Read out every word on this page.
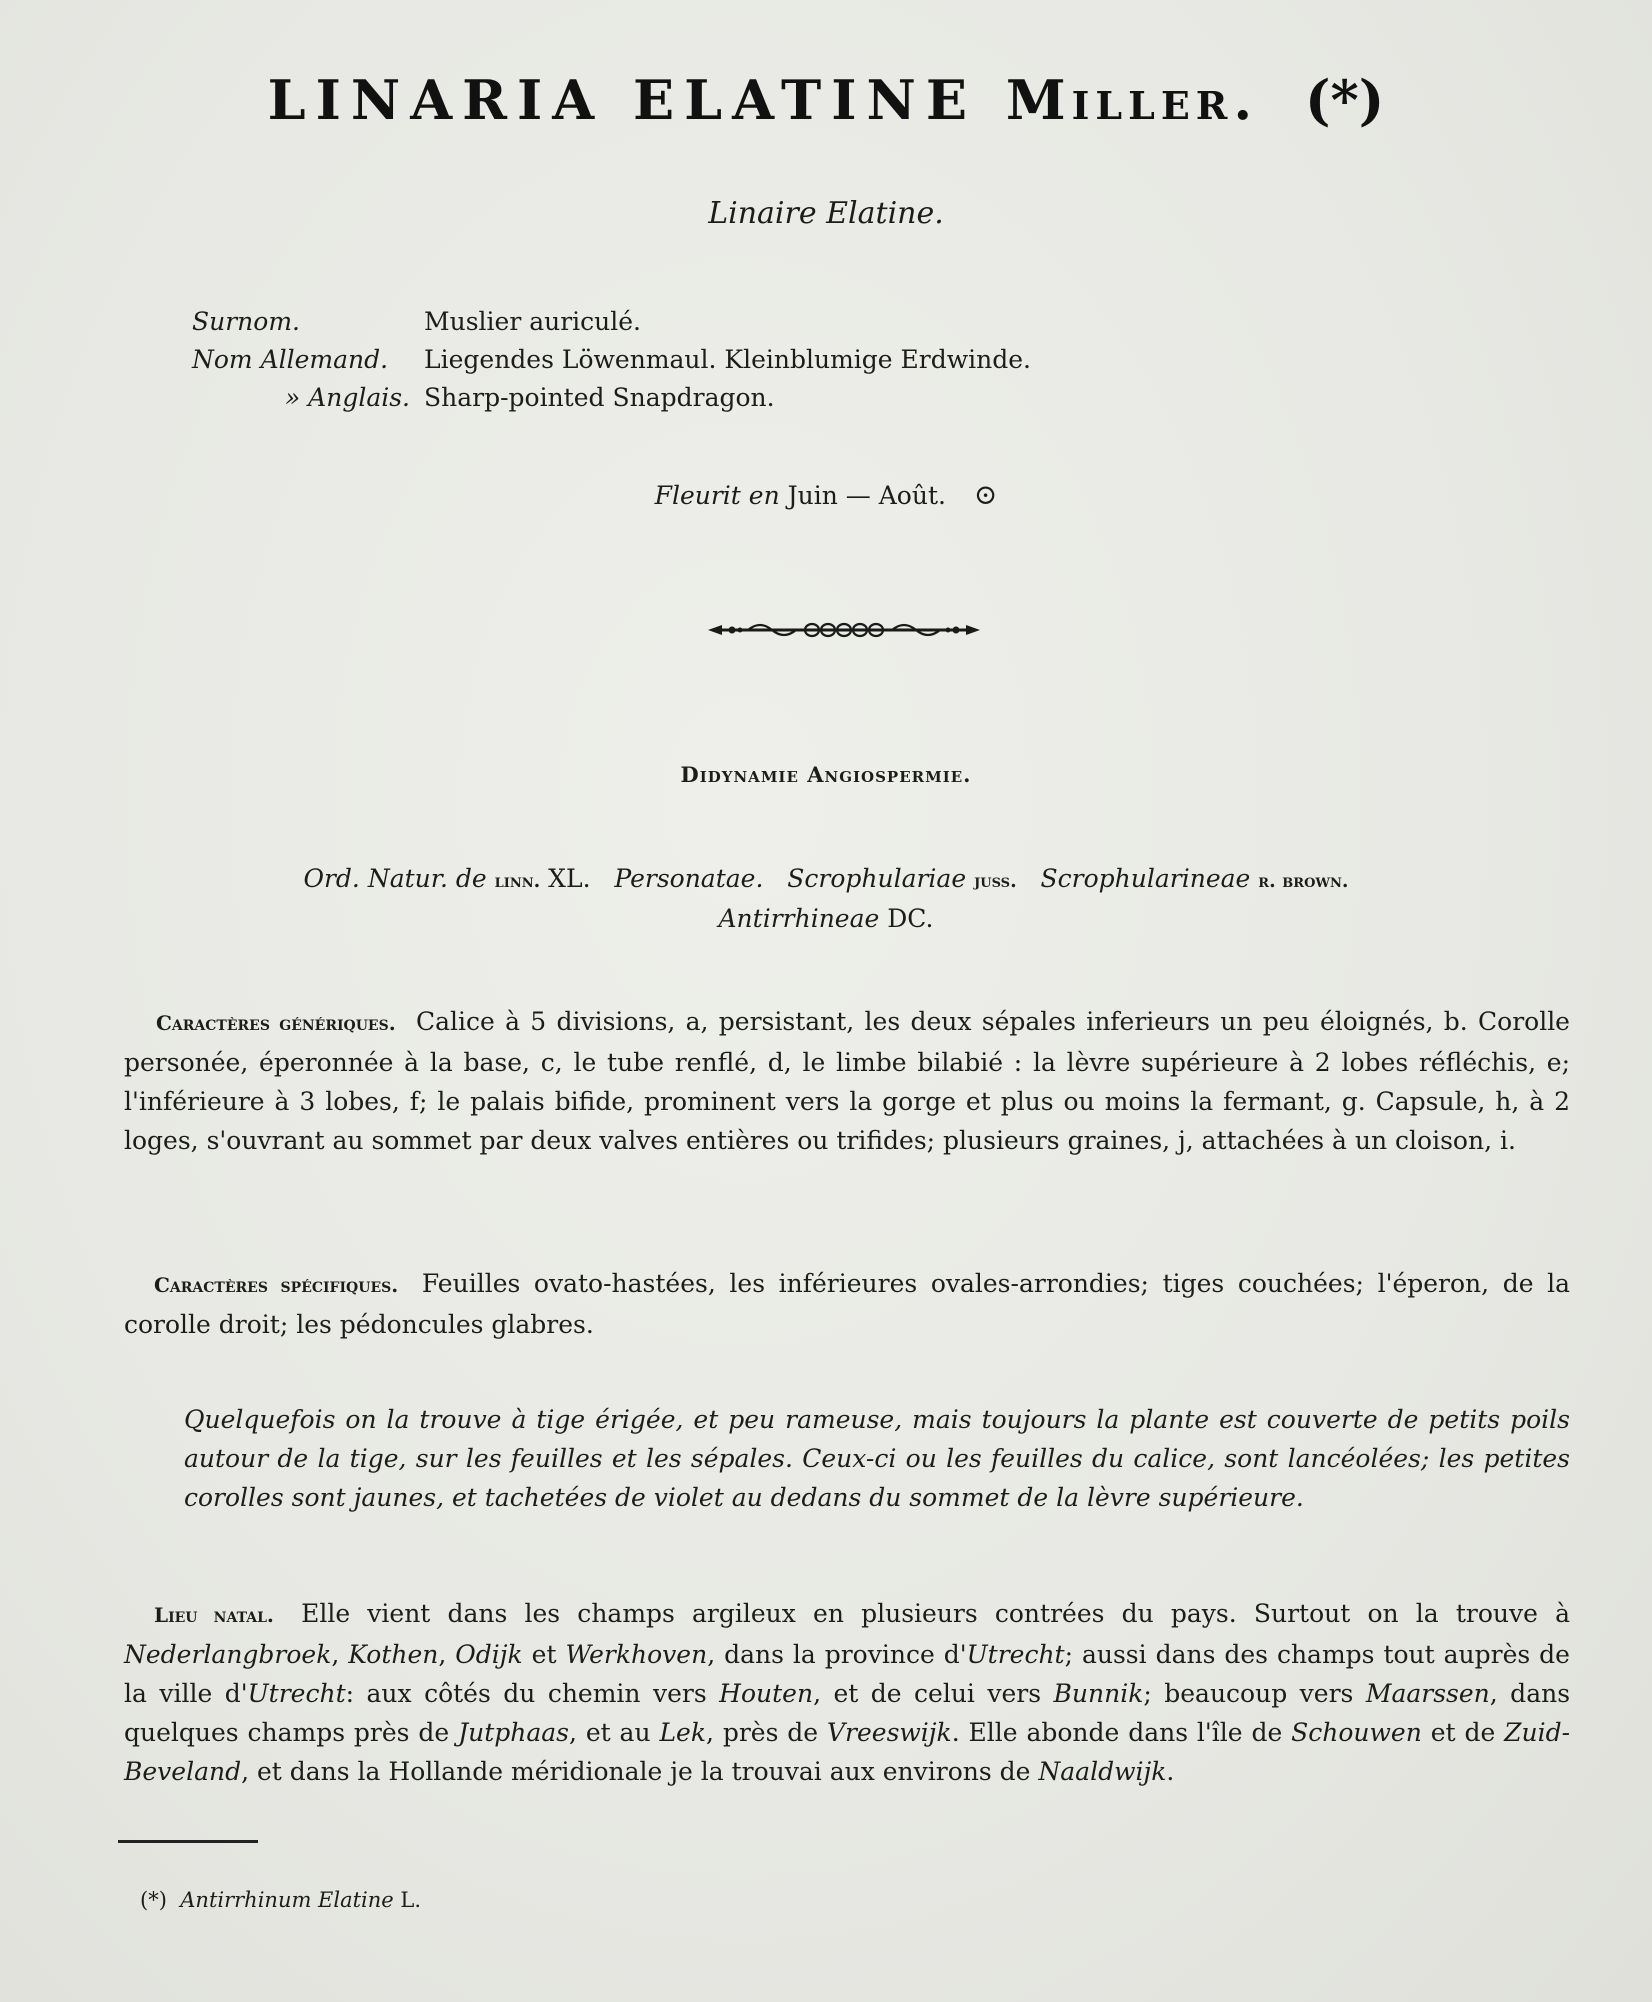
LINARIA ELATINE Miller. (*)
Linaire Elatine.
Surnom.	Muslier auriculé.
Nom Allemand.	Liegendes Löwenmaul. Kleinblumige Erdwinde.
» Anglais. Sharp-pointed Snapdragon.
Fleurit en Juin — Août. ⊙
Didynamie Angiospermie.
Ord. Natur. de linn. XL. Personatae. Scrophulariae juss. Scrophularineae r. brown.
Antirrhineae DC.
Caractères génériques. Calice à 5 divisions, a, persistant, les deux sépales inferieurs un peu éloignés, b. Corolle personée, éperonnée à la base, c, le tube renflé, d, le limbe bilabié : la lèvre supérieure à 2 lobes réfléchis, e; l'inférieure à 3 lobes, f; le palais bifide, prominent vers la gorge et plus ou moins la fermant, g. Capsule, h, à 2 loges, s'ouvrant au sommet par deux valves entières ou trifides; plusieurs graines, j, attachées à un cloison, i.
Caractères spécifiques. Feuilles ovato-hastées, les inférieures ovales-arrondies; tiges couchées; l'éperon, de la corolle droit; les pédoncules glabres.
Quelquefois on la trouve à tige érigée, et peu rameuse, mais toujours la plante est couverte de petits poils autour de la tige, sur les feuilles et les sépales. Ceux-ci ou les feuilles du calice, sont lancéolées; les petites corolles sont jaunes, et tachetées de violet au dedans du sommet de la lèvre supérieure.
Lieu natal. Elle vient dans les champs argileux en plusieurs contrées du pays. Surtout on la trouve à Nederlangbroek, Kothen, Odijk et Werkhoven, dans la province d'Utrecht; aussi dans des champs tout auprès de la ville d'Utrecht: aux côtés du chemin vers Houten, et de celui vers Bunnik; beaucoup vers Maarssen, dans quelques champs près de Jutphaas, et au Lek, près de Vreeswijk. Elle abonde dans l'île de Schouwen et de Zuid-Beveland, et dans la Hollande méridionale je la trouvai aux environs de Naaldwijk.
(*) Antirrhinum Elatine L.
